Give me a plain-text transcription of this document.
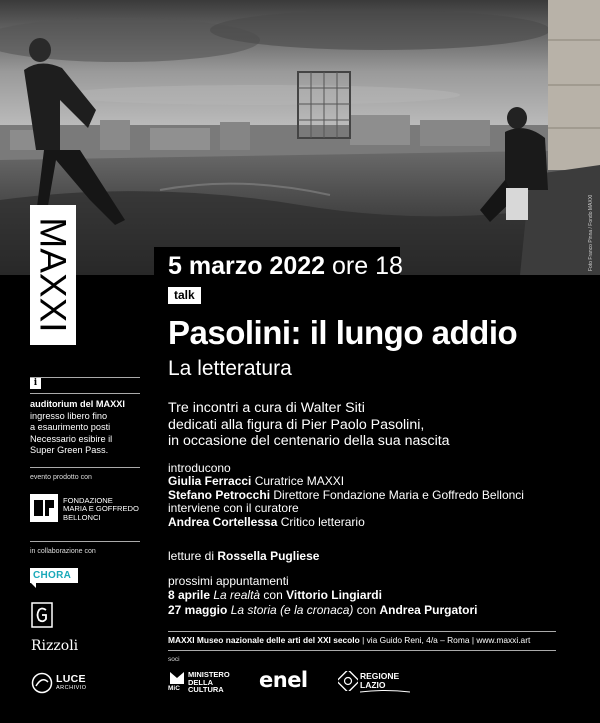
Foto Franco Pinna / Fondo MAXXI
MAXXI	5 marzo 2022 ore 18
i
auditorium del MAXXI
ingresso libero fino
a esaurimento posti
Necessario esibire il
Super Green Pass.
evento prodotto con
FONDAZIONE
MARIA E GOFFREDO
BELLONCI
in collaborazione con
CHORA
Rizzoli
LUCE
ARCHIVIO
talk
Pasolini: il lungo addio
La letteratura
Tre incontri a cura di Walter Siti
dedicati alla figura di Pier Paolo Pasolini,
in occasione del centenario della sua nascita
introducono
Giulia Ferracci Curatrice MAXXI
Stefano Petrocchi Direttore Fondazione Maria e Goffredo Bellonci
interviene con il curatore
Andrea Cortellessa Critico letterario
letture di Rossella Pugliese
prossimi appuntamenti
8 aprile La realtà con Vittorio Lingiardi
27 maggio La storia (e la cronaca) con Andrea Purgatori
MAXXI Museo nazionale delle arti del XXI secolo | via Guido Reni, 4/a – Roma | www.maxxi.art
soci
MiC
MINISTERO
DELLA
CULTURA enel	REGIONE
LAZIO
